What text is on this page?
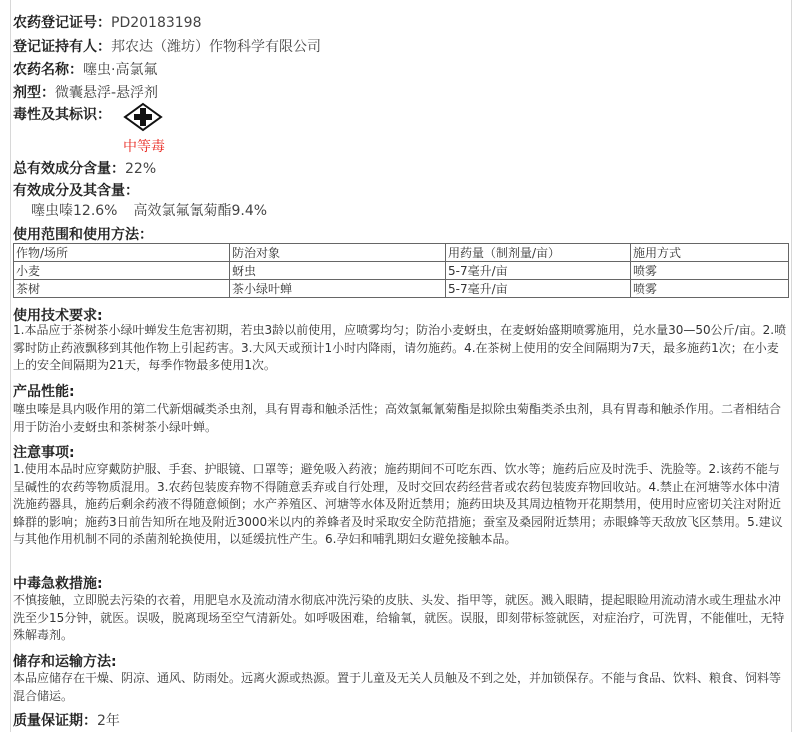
农药登记证号：PD20183198
登记证持有人：邦农达（潍坊）作物科学有限公司
农药名称：噻虫·高氯氟
剂型：微囊悬浮-悬浮剂
毒性及其标识：
中等毒
总有效成分含量：22%
有效成分及其含量：
噻虫嗪12.6% 高效氯氟氰菊酯9.4%
使用范围和使用方法：
作物/场所	防治对象	用药量（制剂量/亩）	施用方式
小麦	蚜虫	5-7毫升/亩	喷雾
茶树	茶小绿叶蝉	5-7毫升/亩	喷雾
使用技术要求:
1.本品应于茶树茶小绿叶蝉发生危害初期，若虫3龄以前使用，应喷雾均匀；防治小麦蚜虫，在麦蚜始盛期喷雾施用，兑水量30—50公斤/亩。2.喷雾时防止药液飘移到其他作物上引起药害。3.大风天或预计1小时内降雨，请勿施药。4.在茶树上使用的安全间隔期为7天，最多施药1次；在小麦上的安全间隔期为21天，每季作物最多使用1次。
产品性能:
噻虫嗪是具内吸作用的第二代新烟碱类杀虫剂，具有胃毒和触杀活性；高效氯氟氰菊酯是拟除虫菊酯类杀虫剂，具有胃毒和触杀作用。二者相结合用于防治小麦蚜虫和茶树茶小绿叶蝉。
注意事项:
1.使用本品时应穿戴防护服、手套、护眼镜、口罩等；避免吸入药液；施药期间不可吃东西、饮水等；施药后应及时洗手、洗脸等。2.该药不能与呈碱性的农药等物质混用。3.农药包装废弃物不得随意丢弃或自行处理，及时交回农药经营者或农药包装废弃物回收站。4.禁止在河塘等水体中清洗施药器具，施药后剩余药液不得随意倾倒；水产养殖区、河塘等水体及附近禁用；施药田块及其周边植物开花期禁用，使用时应密切关注对附近蜂群的影响；施药3日前告知所在地及附近3000米以内的养蜂者及时采取安全防范措施；蚕室及桑园附近禁用；赤眼蜂等天敌放飞区禁用。5.建议与其他作用机制不同的杀菌剂轮换使用，以延缓抗性产生。6.孕妇和哺乳期妇女避免接触本品。
中毒急救措施:
不慎接触，立即脱去污染的衣着，用肥皂水及流动清水彻底冲洗污染的皮肤、头发、指甲等，就医。溅入眼睛，提起眼睑用流动清水或生理盐水冲洗至少15分钟，就医。误吸，脱离现场至空气清新处。如呼吸困难，给输氧，就医。误服，即刻带标签就医，对症治疗，可洗胃，不能催吐，无特殊解毒剂。
储存和运输方法:
本品应储存在干燥、阴凉、通风、防雨处。远离火源或热源。置于儿童及无关人员触及不到之处，并加锁保存。不能与食品、饮料、粮食、饲料等混合储运。
质量保证期：2年
